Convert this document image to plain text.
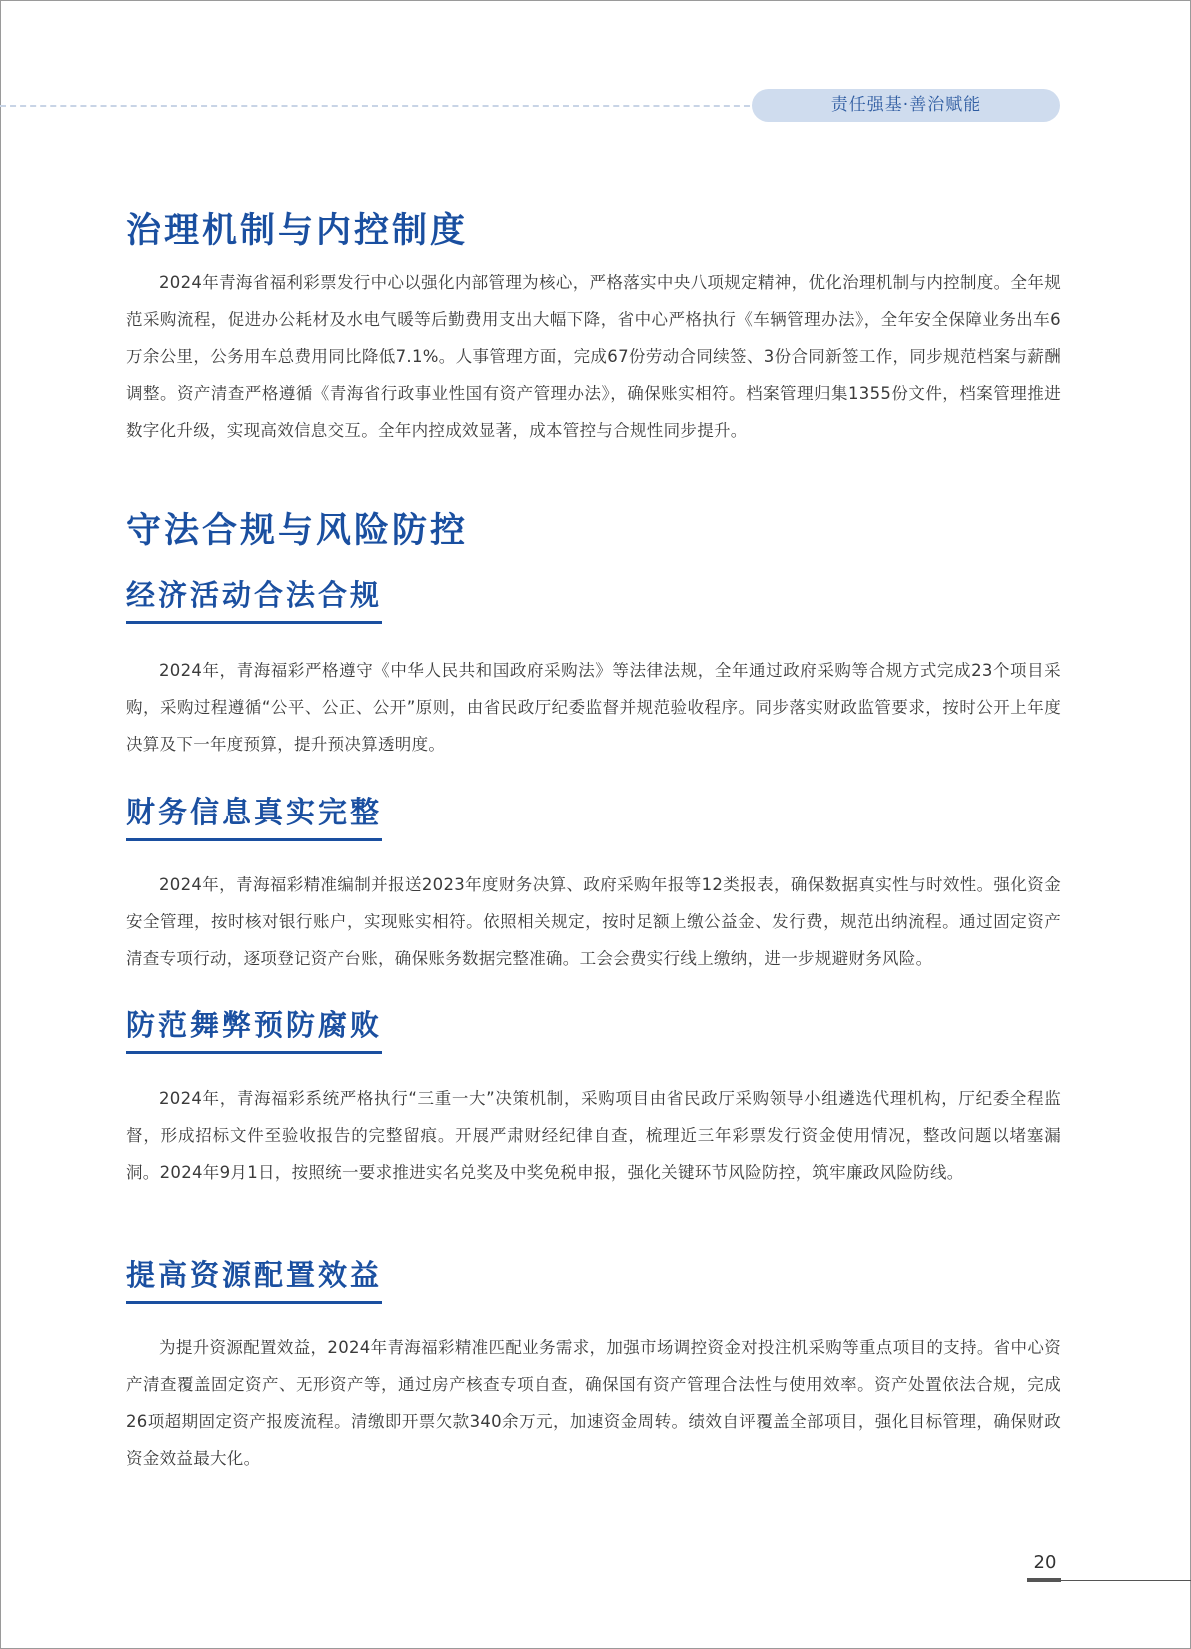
责任强基·善治赋能
治理机制与内控制度

2024年青海省福利彩票发行中心以强化内部管理为核心，严格落实中央八项规定精神，优化治理机制与内控制度。全年规范采购流程，促进办公耗材及水电气暖等后勤费用支出大幅下降，省中心严格执行《车辆管理办法》，全年安全保障业务出车6万余公里，公务用车总费用同比降低7.1%。人事管理方面，完成67份劳动合同续签、3份合同新签工作，同步规范档案与薪酬调整。资产清查严格遵循《青海省行政事业性国有资产管理办法》，确保账实相符。档案管理归集1355份文件，档案管理推进数字化升级，实现高效信息交互。全年内控成效显著，成本管控与合规性同步提升。

守法合规与风险防控
经济活动合法合规

2024年，青海福彩严格遵守《中华人民共和国政府采购法》等法律法规，全年通过政府采购等合规方式完成23个项目采购，采购过程遵循“公平、公正、公开”原则，由省民政厅纪委监督并规范验收程序。同步落实财政监管要求，按时公开上年度决算及下一年度预算，提升预决算透明度。

财务信息真实完整

2024年，青海福彩精准编制并报送2023年度财务决算、政府采购年报等12类报表，确保数据真实性与时效性。强化资金安全管理，按时核对银行账户，实现账实相符。依照相关规定，按时足额上缴公益金、发行费，规范出纳流程。通过固定资产清查专项行动，逐项登记资产台账，确保账务数据完整准确。工会会费实行线上缴纳，进一步规避财务风险。

防范舞弊预防腐败

2024年，青海福彩系统严格执行“三重一大”决策机制，采购项目由省民政厅采购领导小组遴选代理机构，厅纪委全程监督，形成招标文件至验收报告的完整留痕。开展严肃财经纪律自查，梳理近三年彩票发行资金使用情况，整改问题以堵塞漏洞。2024年9月1日，按照统一要求推进实名兑奖及中奖免税申报，强化关键环节风险防控，筑牢廉政风险防线。

提高资源配置效益

为提升资源配置效益，2024年青海福彩精准匹配业务需求，加强市场调控资金对投注机采购等重点项目的支持。省中心资产清查覆盖固定资产、无形资产等，通过房产核查专项自查，确保国有资产管理合法性与使用效率。资产处置依法合规，完成26项超期固定资产报废流程。清缴即开票欠款340余万元，加速资金周转。绩效自评覆盖全部项目，强化目标管理，确保财政资金效益最大化。

20
